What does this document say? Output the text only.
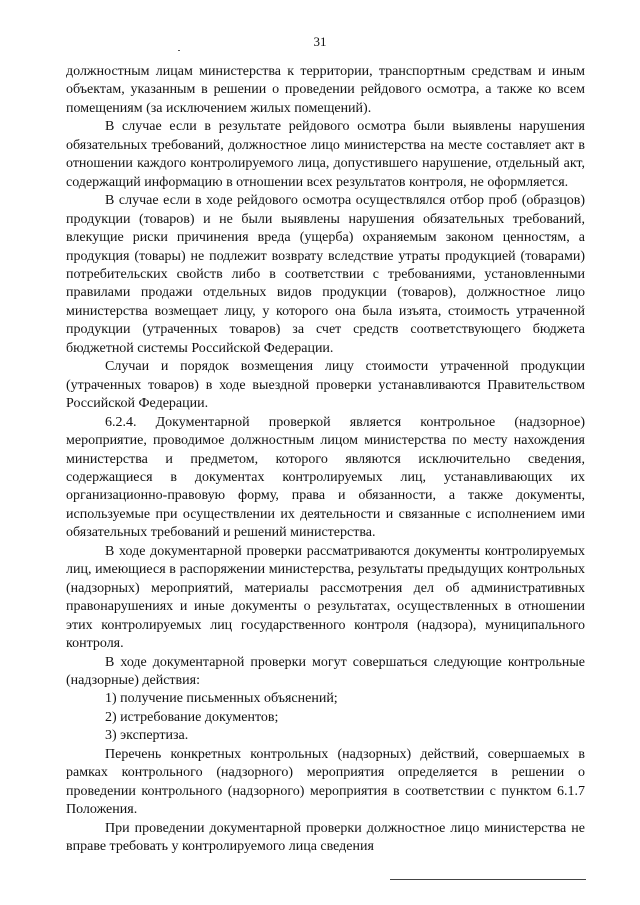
31

должностным лицам министерства к территории, транспортным средствам и иным объектам, указанным в решении о проведении рейдового осмотра, а также ко всем помещениям (за исключением жилых помещений).

В случае если в результате рейдового осмотра были выявлены нарушения обязательных требований, должностное лицо министерства на месте составляет акт в отношении каждого контролируемого лица, допустившего нарушение, отдельный акт, содержащий информацию в отношении всех результатов контроля, не оформляется.

В случае если в ходе рейдового осмотра осуществлялся отбор проб (образцов) продукции (товаров) и не были выявлены нарушения обязательных требований, влекущие риски причинения вреда (ущерба) охраняемым законом ценностям, а продукция (товары) не подлежит возврату вследствие утраты продукцией (товарами) потребительских свойств либо в соответствии с требованиями, установленными правилами продажи отдельных видов продукции (товаров), должностное лицо министерства возмещает лицу, у которого она была изъята, стоимость утраченной продукции (утраченных товаров) за счет средств соответствующего бюджета бюджетной системы Российской Федерации.

Случаи и порядок возмещения лицу стоимости утраченной продукции (утраченных товаров) в ходе выездной проверки устанавливаются Правительством Российской Федерации.

6.2.4. Документарной проверкой является контрольное (надзорное) мероприятие, проводимое должностным лицом министерства по месту нахождения министерства и предметом, которого являются исключительно сведения, содержащиеся в документах контролируемых лиц, устанавливающих их организационно-правовую форму, права и обязанности, а также документы, используемые при осуществлении их деятельности и связанные с исполнением ими обязательных требований и решений министерства.

В ходе документарной проверки рассматриваются документы контролируемых лиц, имеющиеся в распоряжении министерства, результаты предыдущих контрольных (надзорных) мероприятий, материалы рассмотрения дел об административных правонарушениях и иные документы о результатах, осуществленных в отношении этих контролируемых лиц государственного контроля (надзора), муниципального контроля.

В ходе документарной проверки могут совершаться следующие контрольные (надзорные) действия:

1) получение письменных объяснений;

2) истребование документов;

3) экспертиза.

Перечень конкретных контрольных (надзорных) действий, совершаемых в рамках контрольного (надзорного) мероприятия определяется в решении о проведении контрольного (надзорного) мероприятия в соответствии с пунктом 6.1.7 Положения.

При проведении документарной проверки должностное лицо министерства не вправе требовать у контролируемого лица сведения
